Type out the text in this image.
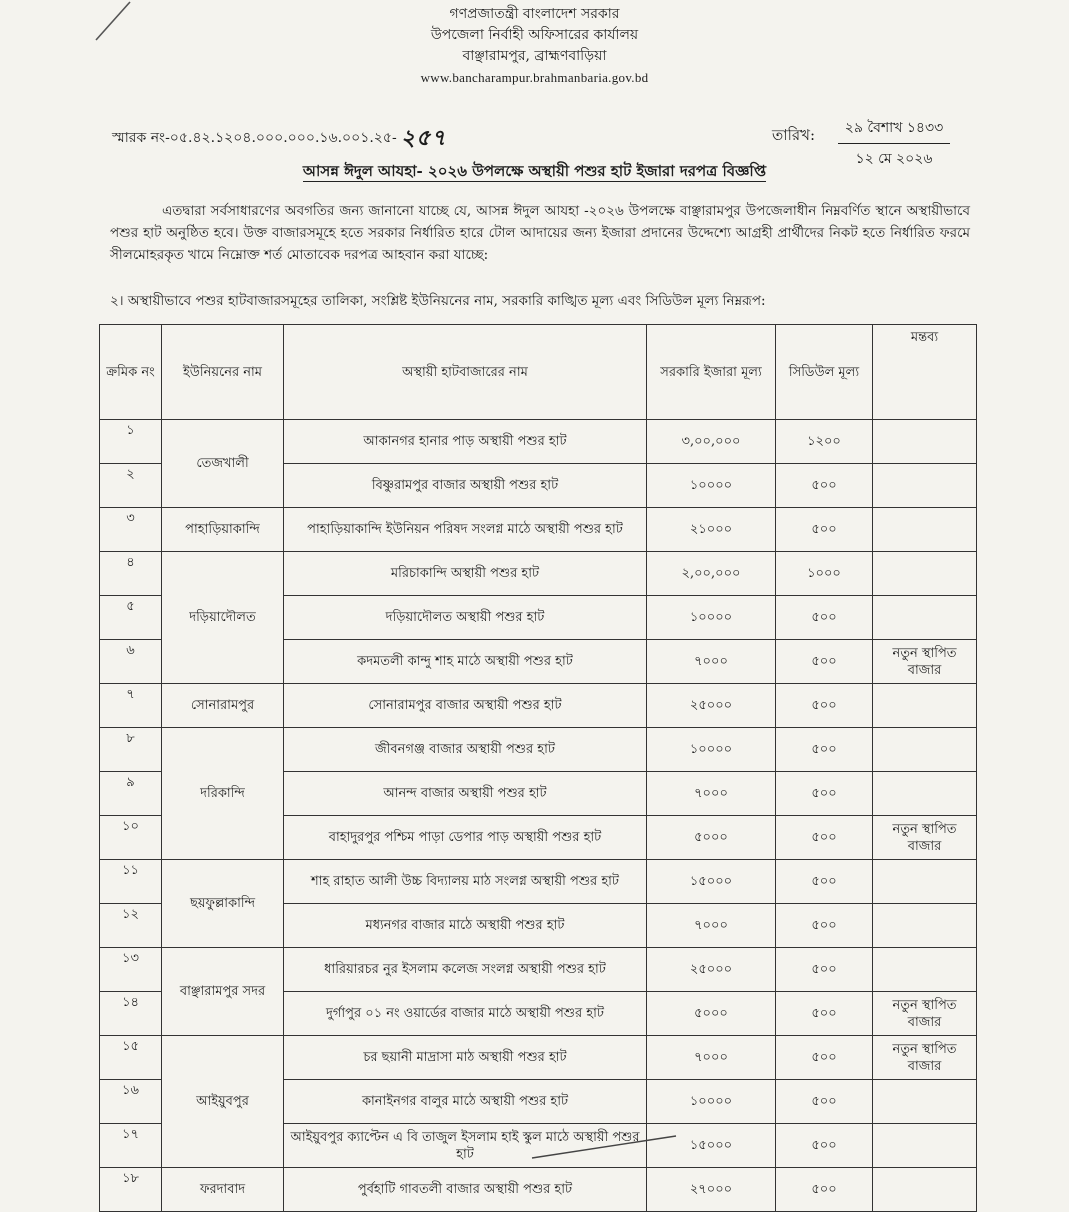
গণপ্রজাতন্ত্রী বাংলাদেশ সরকার
উপজেলা নির্বাহী অফিসারের কার্যালয়
বাঞ্ছারামপুর, ব্রাহ্মণবাড়িয়া
www.bancharampur.brahmanbaria.gov.bd
স্মারক নং-০৫.৪২.১২০৪.০০০.০০০.১৬.০০১.২৫- ২৫৭	তারিখ:	২৯ বৈশাখ ১৪৩৩
১২ মে ২০২৬
আসন্ন ঈদুল আযহা- ২০২৬ উপলক্ষে অস্থায়ী পশুর হাট ইজারা দরপত্র বিজ্ঞপ্তি
এতদ্বারা সর্বসাধারণের অবগতির জন্য জানানো যাচ্ছে যে, আসন্ন ঈদুল আযহা -২০২৬ উপলক্ষে বাঞ্ছারামপুর উপজেলাধীন নিম্নবর্ণিত স্থানে অস্থায়ীভাবে পশুর হাট অনুষ্ঠিত হবে। উক্ত বাজারসমূহে হতে সরকার নির্ধারিত হারে টোল আদায়ের জন্য ইজারা প্রদানের উদ্দেশ্যে আগ্রহী প্রার্থীদের নিকট হতে নির্ধারিত ফরমে সীলমোহরকৃত খামে নিম্নোক্ত শর্ত মোতাবেক দরপত্র আহবান করা যাচ্ছে:
২। অস্থায়ীভাবে পশুর হাটবাজারসমূহের তালিকা, সংশ্লিষ্ট ইউনিয়নের নাম, সরকারি কাঙ্খিত মূল্য এবং সিডিউল মূল্য নিম্নরূপ:
ক্রমিক নং	ইউনিয়নের নাম	অস্থায়ী হাটবাজারের নাম	সরকারি ইজারা মূল্য	সিডিউল মূল্য	মন্তব্য
১	তেজখালী	আকানগর হানার পাড় অস্থায়ী পশুর হাট	৩,০০,০০০	১২০০	
২		বিষ্ণুরামপুর বাজার অস্থায়ী পশুর হাট	১০০০০	৫০০	
৩	পাহাড়িয়াকান্দি	পাহাড়িয়াকান্দি ইউনিয়ন পরিষদ সংলগ্ন মাঠে অস্থায়ী পশুর হাট	২১০০০	৫০০	
৪	দড়িয়াদৌলত	মরিচাকান্দি অস্থায়ী পশুর হাট	২,০০,০০০	১০০০	
৫		দড়িয়াদৌলত অস্থায়ী পশুর হাট	১০০০০	৫০০	
৬		কদমতলী কান্দু শাহ মাঠে অস্থায়ী পশুর হাট	৭০০০	৫০০	নতুন স্থাপিত বাজার
৭	সোনারামপুর	সোনারামপুর বাজার অস্থায়ী পশুর হাট	২৫০০০	৫০০	
৮	দরিকান্দি	জীবনগঞ্জ বাজার অস্থায়ী পশুর হাট	১০০০০	৫০০	
৯		আনন্দ বাজার অস্থায়ী পশুর হাট	৭০০০	৫০০	
১০		বাহাদুরপুর পশ্চিম পাড়া ডেপার পাড় অস্থায়ী পশুর হাট	৫০০০	৫০০	নতুন স্থাপিত বাজার
১১	ছয়ফুল্লাকান্দি	শাহ রাহাত আলী উচ্চ বিদ্যালয় মাঠ সংলগ্ন অস্থায়ী পশুর হাট	১৫০০০	৫০০	
১২		মধ্যনগর বাজার মাঠে অস্থায়ী পশুর হাট	৭০০০	৫০০	
১৩	বাঞ্ছারামপুর সদর	ধারিয়ারচর নুর ইসলাম কলেজ সংলগ্ন অস্থায়ী পশুর হাট	২৫০০০	৫০০	
১৪		দুর্গাপুর ০১ নং ওয়ার্ডের বাজার মাঠে অস্থায়ী পশুর হাট	৫০০০	৫০০	নতুন স্থাপিত বাজার
১৫	আইয়ুবপুর	চর ছয়ানী মাদ্রাসা মাঠ অস্থায়ী পশুর হাট	৭০০০	৫০০	নতুন স্থাপিত বাজার
১৬		কানাইনগর বালুর মাঠে অস্থায়ী পশুর হাট	১০০০০	৫০০	
১৭		আইয়ুবপুর ক্যাপ্টেন এ বি তাজুল ইসলাম হাই স্কুল মাঠে অস্থায়ী পশুর হাট	১৫০০০	৫০০	
১৮	ফরদাবাদ	পুর্বহাটি গাবতলী বাজার অস্থায়ী পশুর হাট	২৭০০০	৫০০	
